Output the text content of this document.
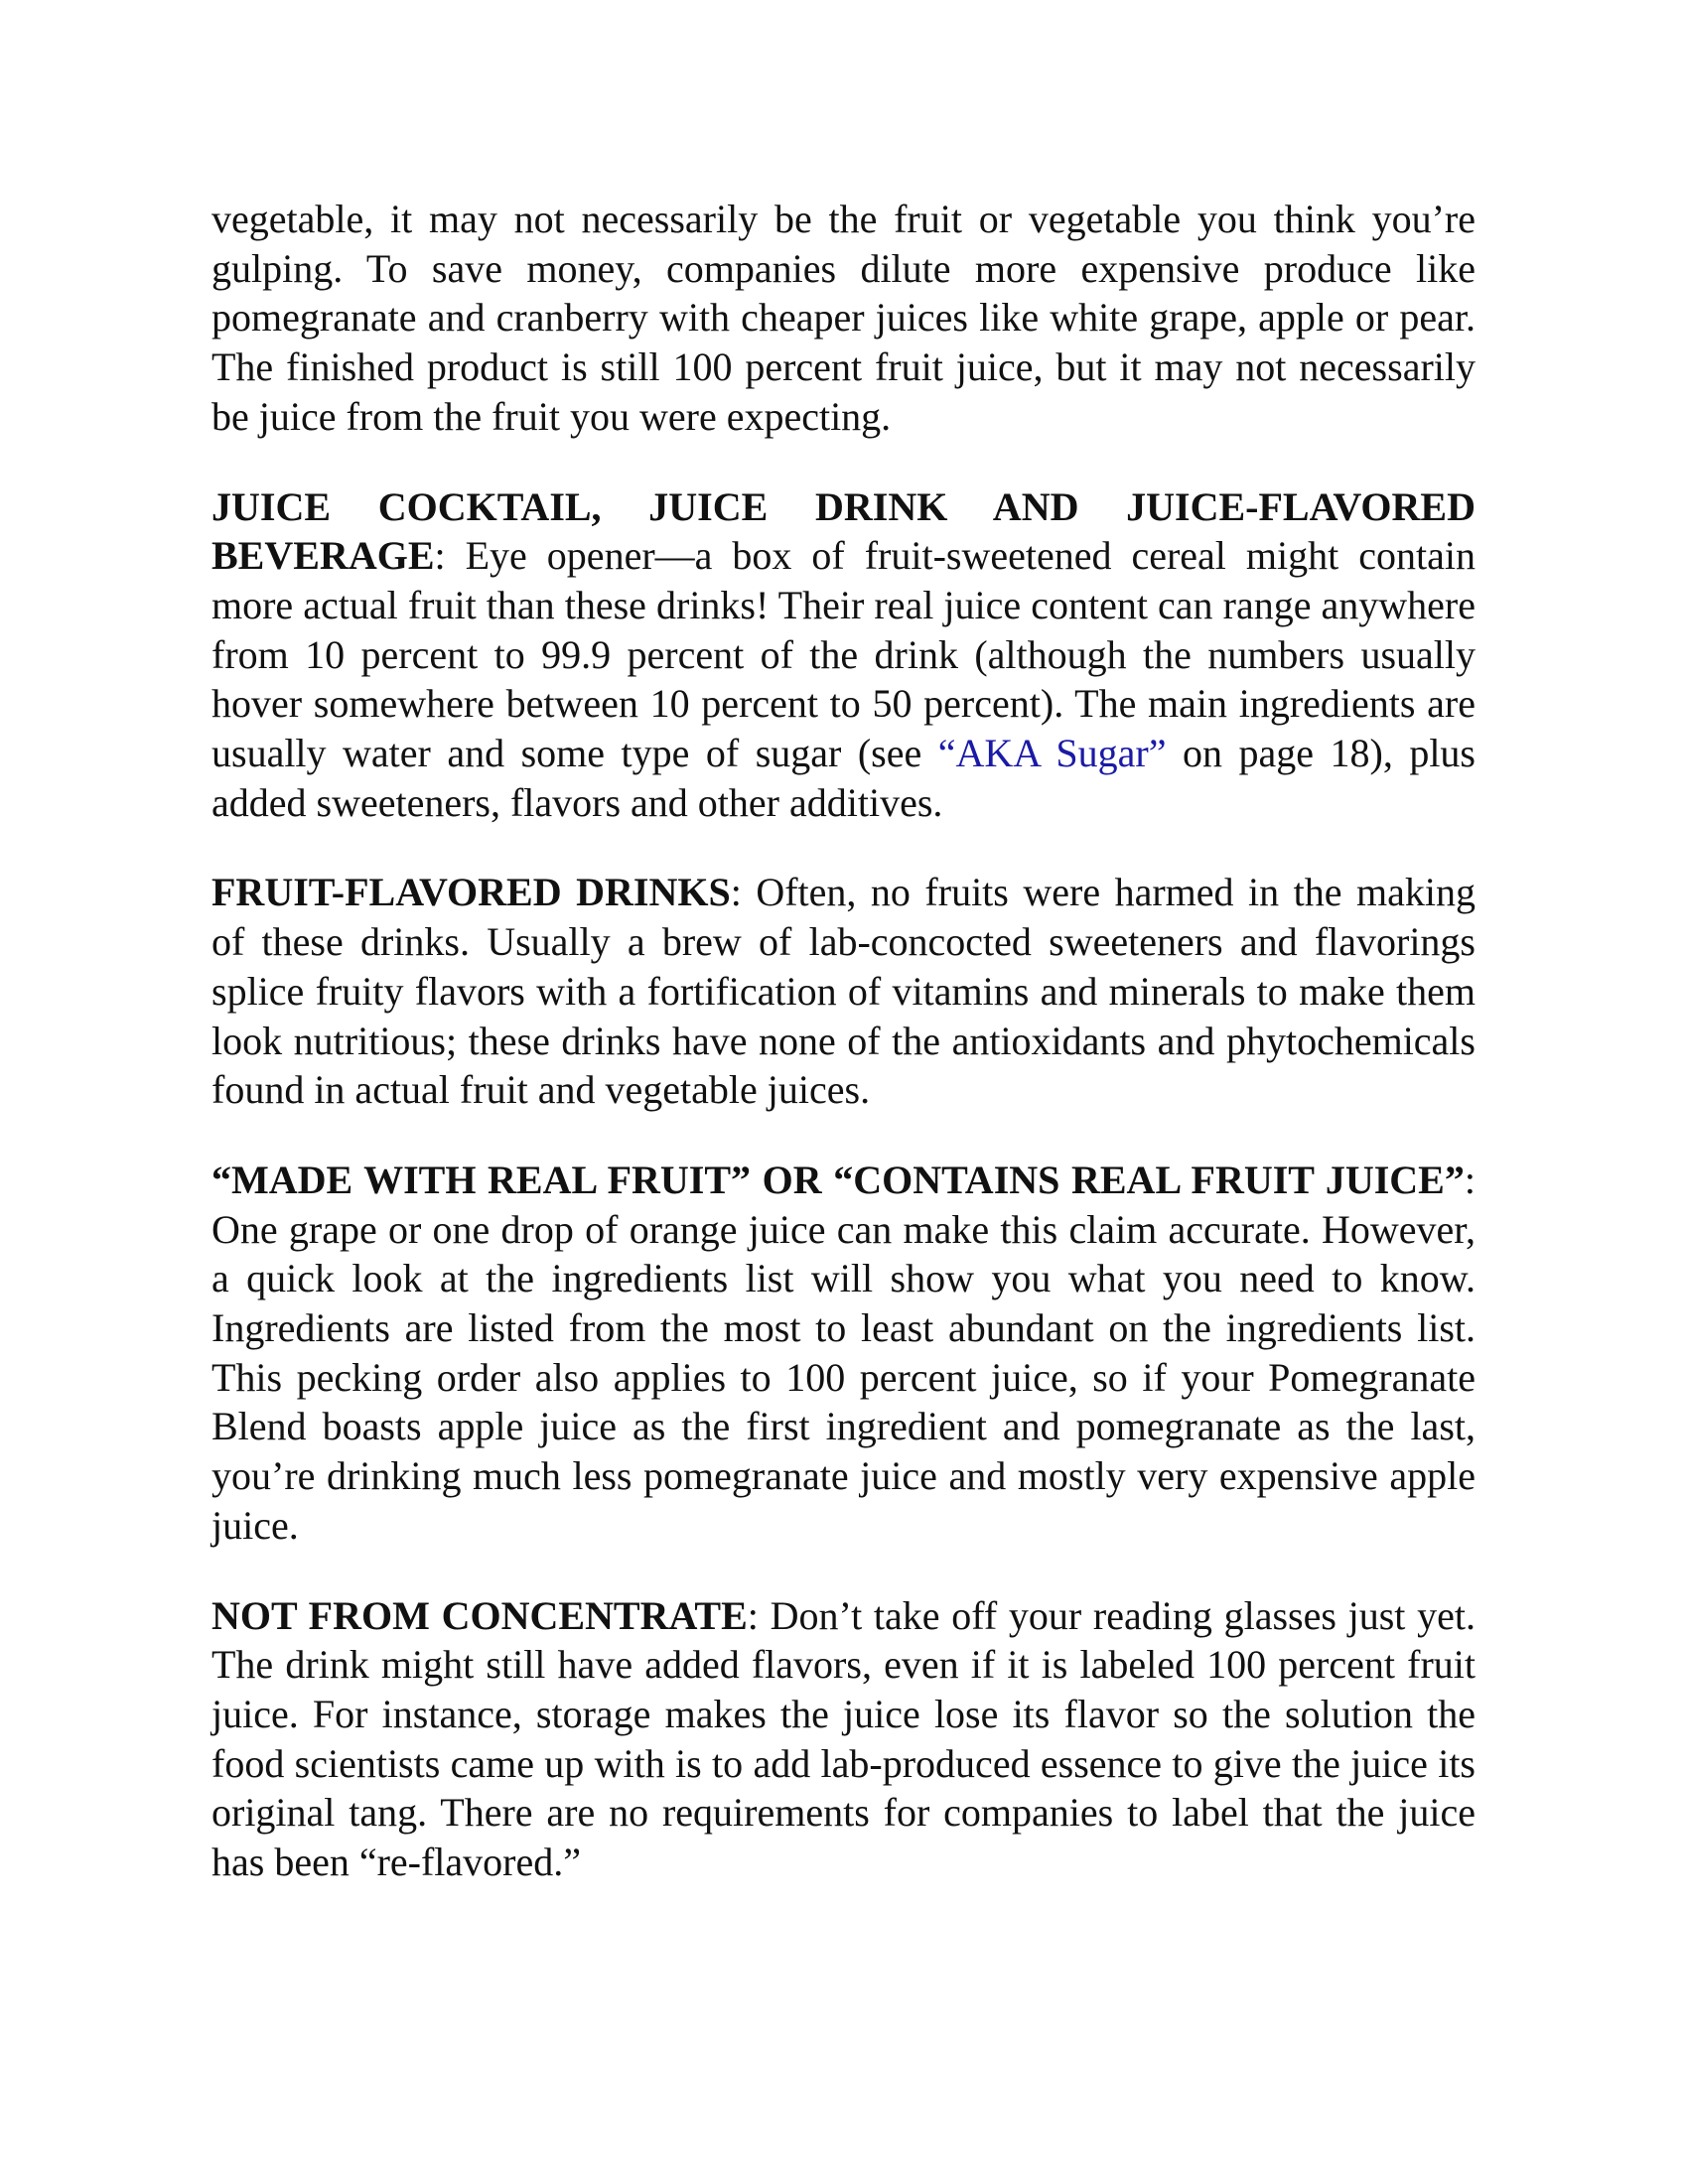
vegetable, it may not necessarily be the fruit or vegetable you think you’re gulping. To save money, companies dilute more expensive produce like pomegranate and cranberry with cheaper juices like white grape, apple or pear. The finished product is still 100 percent fruit juice, but it may not necessarily be juice from the fruit you were expecting.

JUICE COCKTAIL, JUICE DRINK AND JUICE-FLAVORED BEVERAGE: Eye opener—a box of fruit-sweetened cereal might contain more actual fruit than these drinks! Their real juice content can range anywhere from 10 percent to 99.9 percent of the drink (although the numbers usually hover somewhere between 10 percent to 50 percent). The main ingredients are usually water and some type of sugar (see “AKA Sugar” on page 18), plus added sweeteners, flavors and other additives.

FRUIT-FLAVORED DRINKS: Often, no fruits were harmed in the making of these drinks. Usually a brew of lab-concocted sweeteners and flavorings splice fruity flavors with a fortification of vitamins and minerals to make them look nutritious; these drinks have none of the antioxidants and phytochemicals found in actual fruit and vegetable juices.

“MADE WITH REAL FRUIT” OR “CONTAINS REAL FRUIT JUICE”: One grape or one drop of orange juice can make this claim accurate. However, a quick look at the ingredients list will show you what you need to know. Ingredients are listed from the most to least abundant on the ingredients list. This pecking order also applies to 100 percent juice, so if your Pomegranate Blend boasts apple juice as the first ingredient and pomegranate as the last, you’re drinking much less pomegranate juice and mostly very expensive apple juice.

NOT FROM CONCENTRATE: Don’t take off your reading glasses just yet. The drink might still have added flavors, even if it is labeled 100 percent fruit juice. For instance, storage makes the juice lose its flavor so the solution the food scientists came up with is to add lab-produced essence to give the juice its original tang. There are no requirements for companies to label that the juice has been “re-flavored.”
